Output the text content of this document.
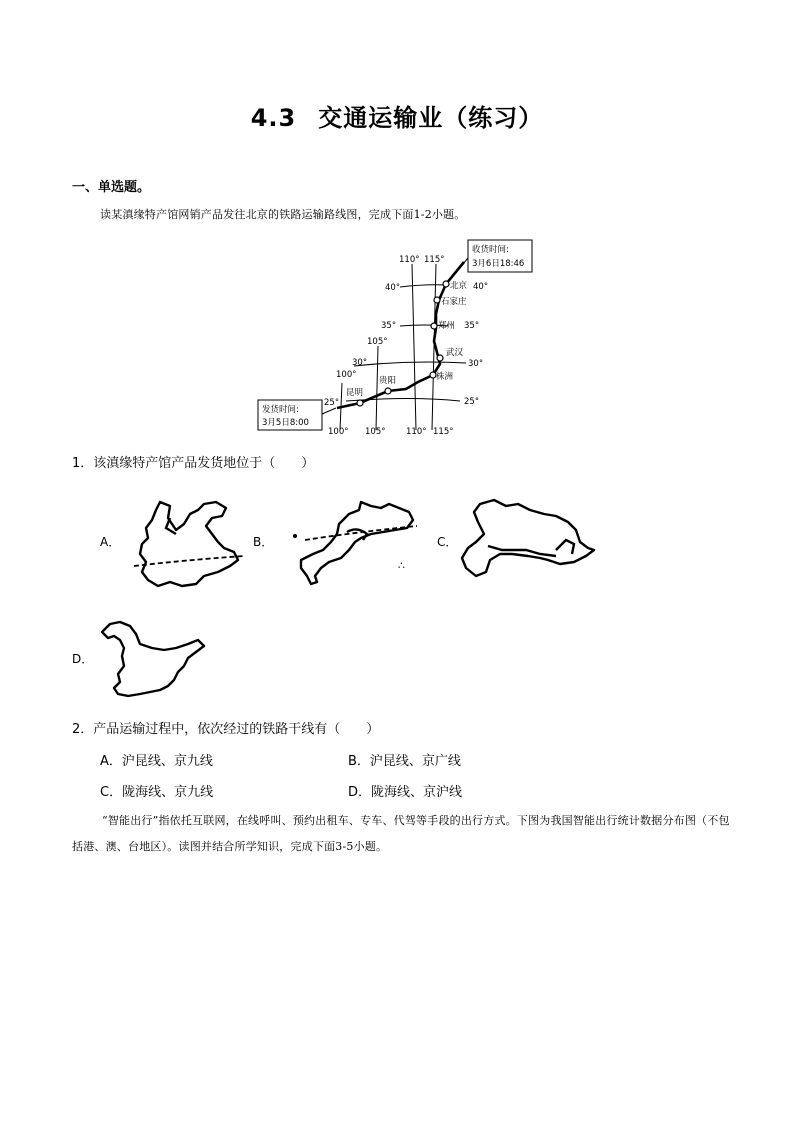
4.3 交通运输业（练习）
一、单选题。
读某滇缘特产馆网销产品发往北京的铁路运输路线图，完成下面1-2小题。
收货时间:
3月6日18:46
发货时间:
3月5日8:00
北京
石家庄
郑州
武汉
株洲
贵阳
昆明
110° 115°
105°
100°
100° 105° 110° 115°
40°	40°
35°	35°
30°	30°
25°	25°
1．该滇缘特产馆产品发货地位于（　　）
A．	B．
∴
C．
D．
2．产品运输过程中，依次经过的铁路干线有（　　）
A．沪昆线、京九线	B．沪昆线、京广线
C．陇海线、京九线	D．陇海线、京沪线
“智能出行”指依托互联网，在线呼叫、预约出租车、专车、代驾等手段的出行方式。下图为我国智能出行统计数据分布图（不包括港、澳、台地区）。读图并结合所学知识，完成下面3-5小题。
